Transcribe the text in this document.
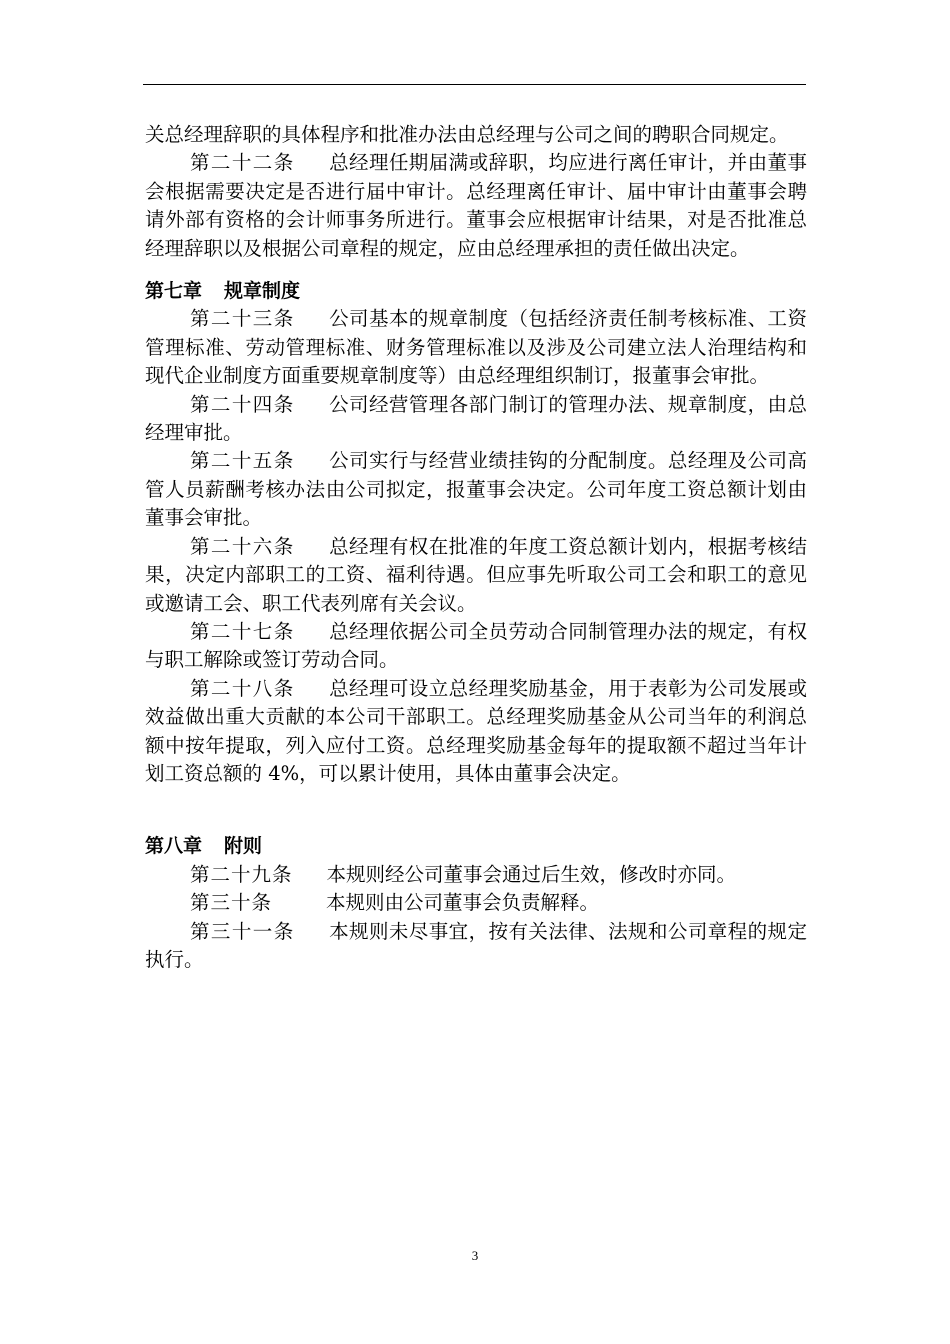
关总经理辞职的具体程序和批准办法由总经理与公司之间的聘职合同规定。

第二十二条 总经理任期届满或辞职，均应进行离任审计，并由董事会根据需要决定是否进行届中审计。总经理离任审计、届中审计由董事会聘请外部有资格的会计师事务所进行。董事会应根据审计结果，对是否批准总经理辞职以及根据公司章程的规定，应由总经理承担的责任做出决定。

第七章 规章制度

第二十三条 公司基本的规章制度（包括经济责任制考核标准、工资管理标准、劳动管理标准、财务管理标准以及涉及公司建立法人治理结构和现代企业制度方面重要规章制度等）由总经理组织制订，报董事会审批。

第二十四条 公司经营管理各部门制订的管理办法、规章制度，由总经理审批。

第二十五条 公司实行与经营业绩挂钩的分配制度。总经理及公司高管人员薪酬考核办法由公司拟定，报董事会决定。公司年度工资总额计划由董事会审批。

第二十六条 总经理有权在批准的年度工资总额计划内，根据考核结果，决定内部职工的工资、福利待遇。但应事先听取公司工会和职工的意见或邀请工会、职工代表列席有关会议。

第二十七条 总经理依据公司全员劳动合同制管理办法的规定，有权与职工解除或签订劳动合同。

第二十八条 总经理可设立总经理奖励基金，用于表彰为公司发展或效益做出重大贡献的本公司干部职工。总经理奖励基金从公司当年的利润总额中按年提取，列入应付工资。总经理奖励基金每年的提取额不超过当年计划工资总额的 4%，可以累计使用，具体由董事会决定。

第八章 附则

第二十九条 本规则经公司董事会通过后生效，修改时亦同。

第三十条	本规则由公司董事会负责解释。

第三十一条 本规则未尽事宜，按有关法律、法规和公司章程的规定执行。

3
